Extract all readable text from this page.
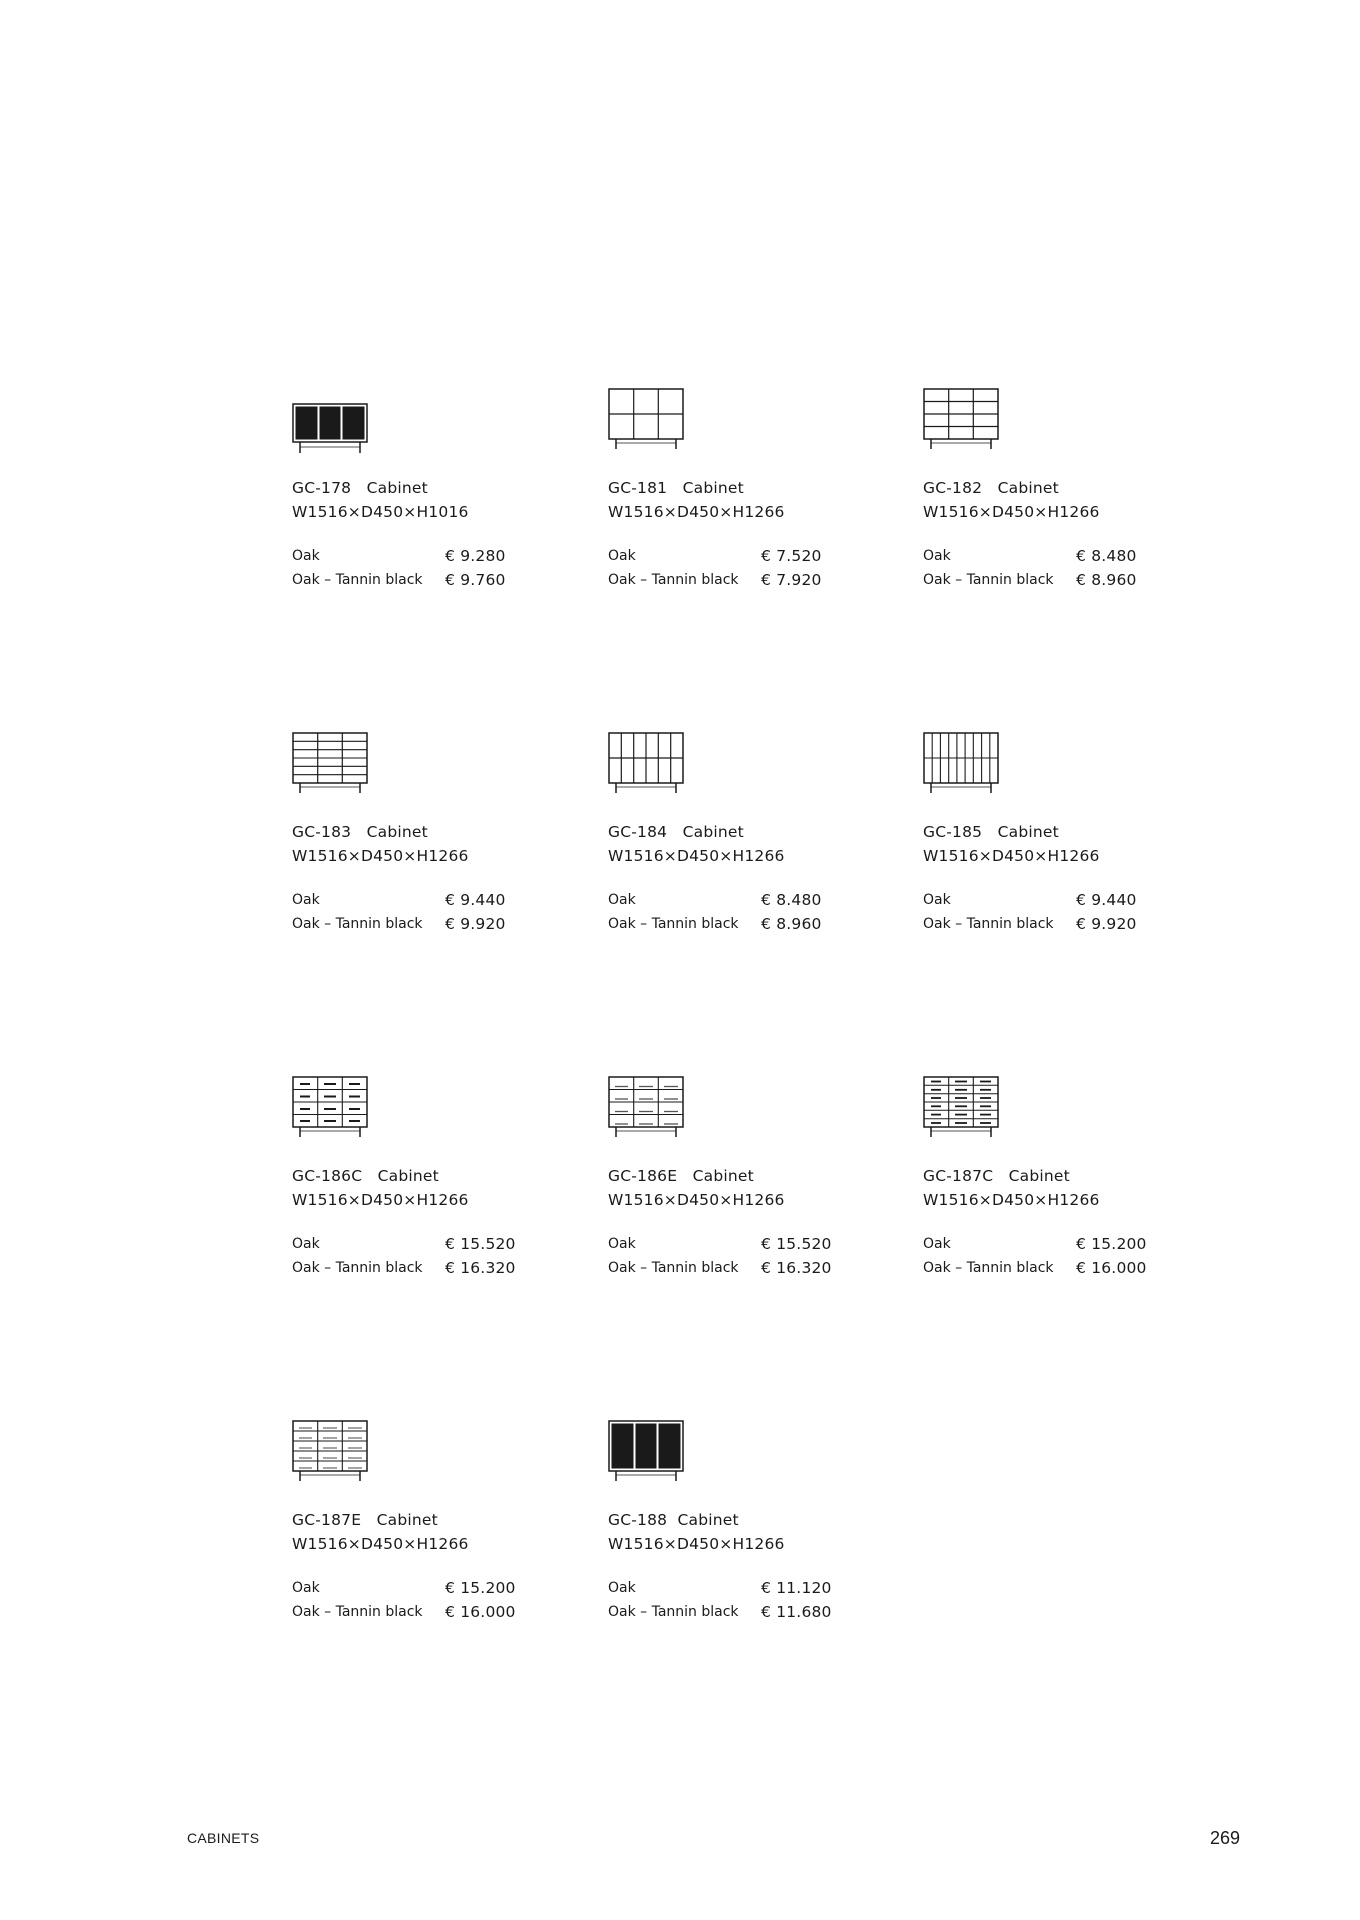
GC-178 Cabinet
W1516×D450×H1016
Oak	€ 9.280
Oak – Tannin black € 9.760
GC-181 Cabinet
W1516×D450×H1266
Oak	€ 7.520
Oak – Tannin black € 7.920
GC-182 Cabinet
W1516×D450×H1266
Oak	€ 8.480
Oak – Tannin black € 8.960
GC-183 Cabinet
W1516×D450×H1266
Oak	€ 9.440
Oak – Tannin black € 9.920
GC-184 Cabinet
W1516×D450×H1266
Oak	€ 8.480
Oak – Tannin black € 8.960
GC-185 Cabinet
W1516×D450×H1266
Oak	€ 9.440
Oak – Tannin black € 9.920
GC-186C Cabinet
W1516×D450×H1266
Oak	€ 15.520
Oak – Tannin black € 16.320
GC-186E Cabinet
W1516×D450×H1266
Oak	€ 15.520
Oak – Tannin black € 16.320
GC-187C Cabinet
W1516×D450×H1266
Oak	€ 15.200
Oak – Tannin black € 16.000
GC-187E Cabinet
W1516×D450×H1266
Oak	€ 15.200
Oak – Tannin black € 16.000
GC-188 Cabinet
W1516×D450×H1266
Oak	€ 11.120
Oak – Tannin black € 11.680
CABINETS	269
